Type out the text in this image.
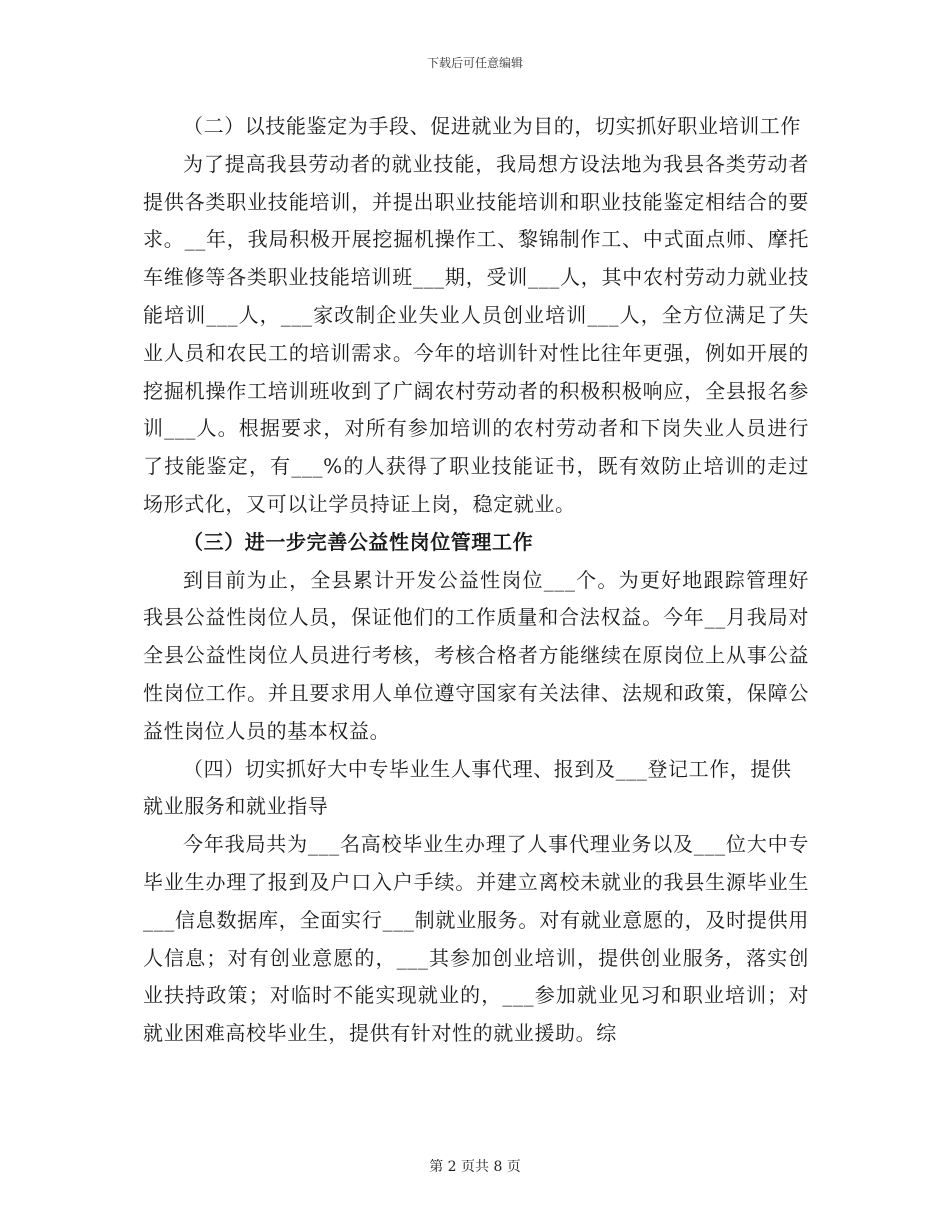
下载后可任意编辑

（二）以技能鉴定为手段、促进就业为目的，切实抓好职业培训工作

为了提高我县劳动者的就业技能，我局想方设法地为我县各类劳动者提供各类职业技能培训，并提出职业技能培训和职业技能鉴定相结合的要求。__年，我局积极开展挖掘机操作工、黎锦制作工、中式面点师、摩托车维修等各类职业技能培训班___期，受训___人，其中农村劳动力就业技能培训___人，___家改制企业失业人员创业培训___人，全方位满足了失业人员和农民工的培训需求。今年的培训针对性比往年更强，例如开展的挖掘机操作工培训班收到了广阔农村劳动者的积极积极响应，全县报名参训___人。根据要求，对所有参加培训的农村劳动者和下岗失业人员进行了技能鉴定，有___%的人获得了职业技能证书，既有效防止培训的走过场形式化，又可以让学员持证上岗，稳定就业。

（三）进一步完善公益性岗位管理工作

到目前为止，全县累计开发公益性岗位___个。为更好地跟踪管理好我县公益性岗位人员，保证他们的工作质量和合法权益。今年__月我局对全县公益性岗位人员进行考核，考核合格者方能继续在原岗位上从事公益性岗位工作。并且要求用人单位遵守国家有关法律、法规和政策，保障公益性岗位人员的基本权益。

（四）切实抓好大中专毕业生人事代理、报到及___登记工作，提供就业服务和就业指导

今年我局共为___名高校毕业生办理了人事代理业务以及___位大中专毕业生办理了报到及户口入户手续。并建立离校未就业的我县生源毕业生___信息数据库，全面实行___制就业服务。对有就业意愿的，及时提供用人信息；对有创业意愿的，___其参加创业培训，提供创业服务，落实创业扶持政策；对临时不能实现就业的，___参加就业见习和职业培训；对就业困难高校毕业生，提供有针对性的就业援助。综

第 2 页共 8 页
